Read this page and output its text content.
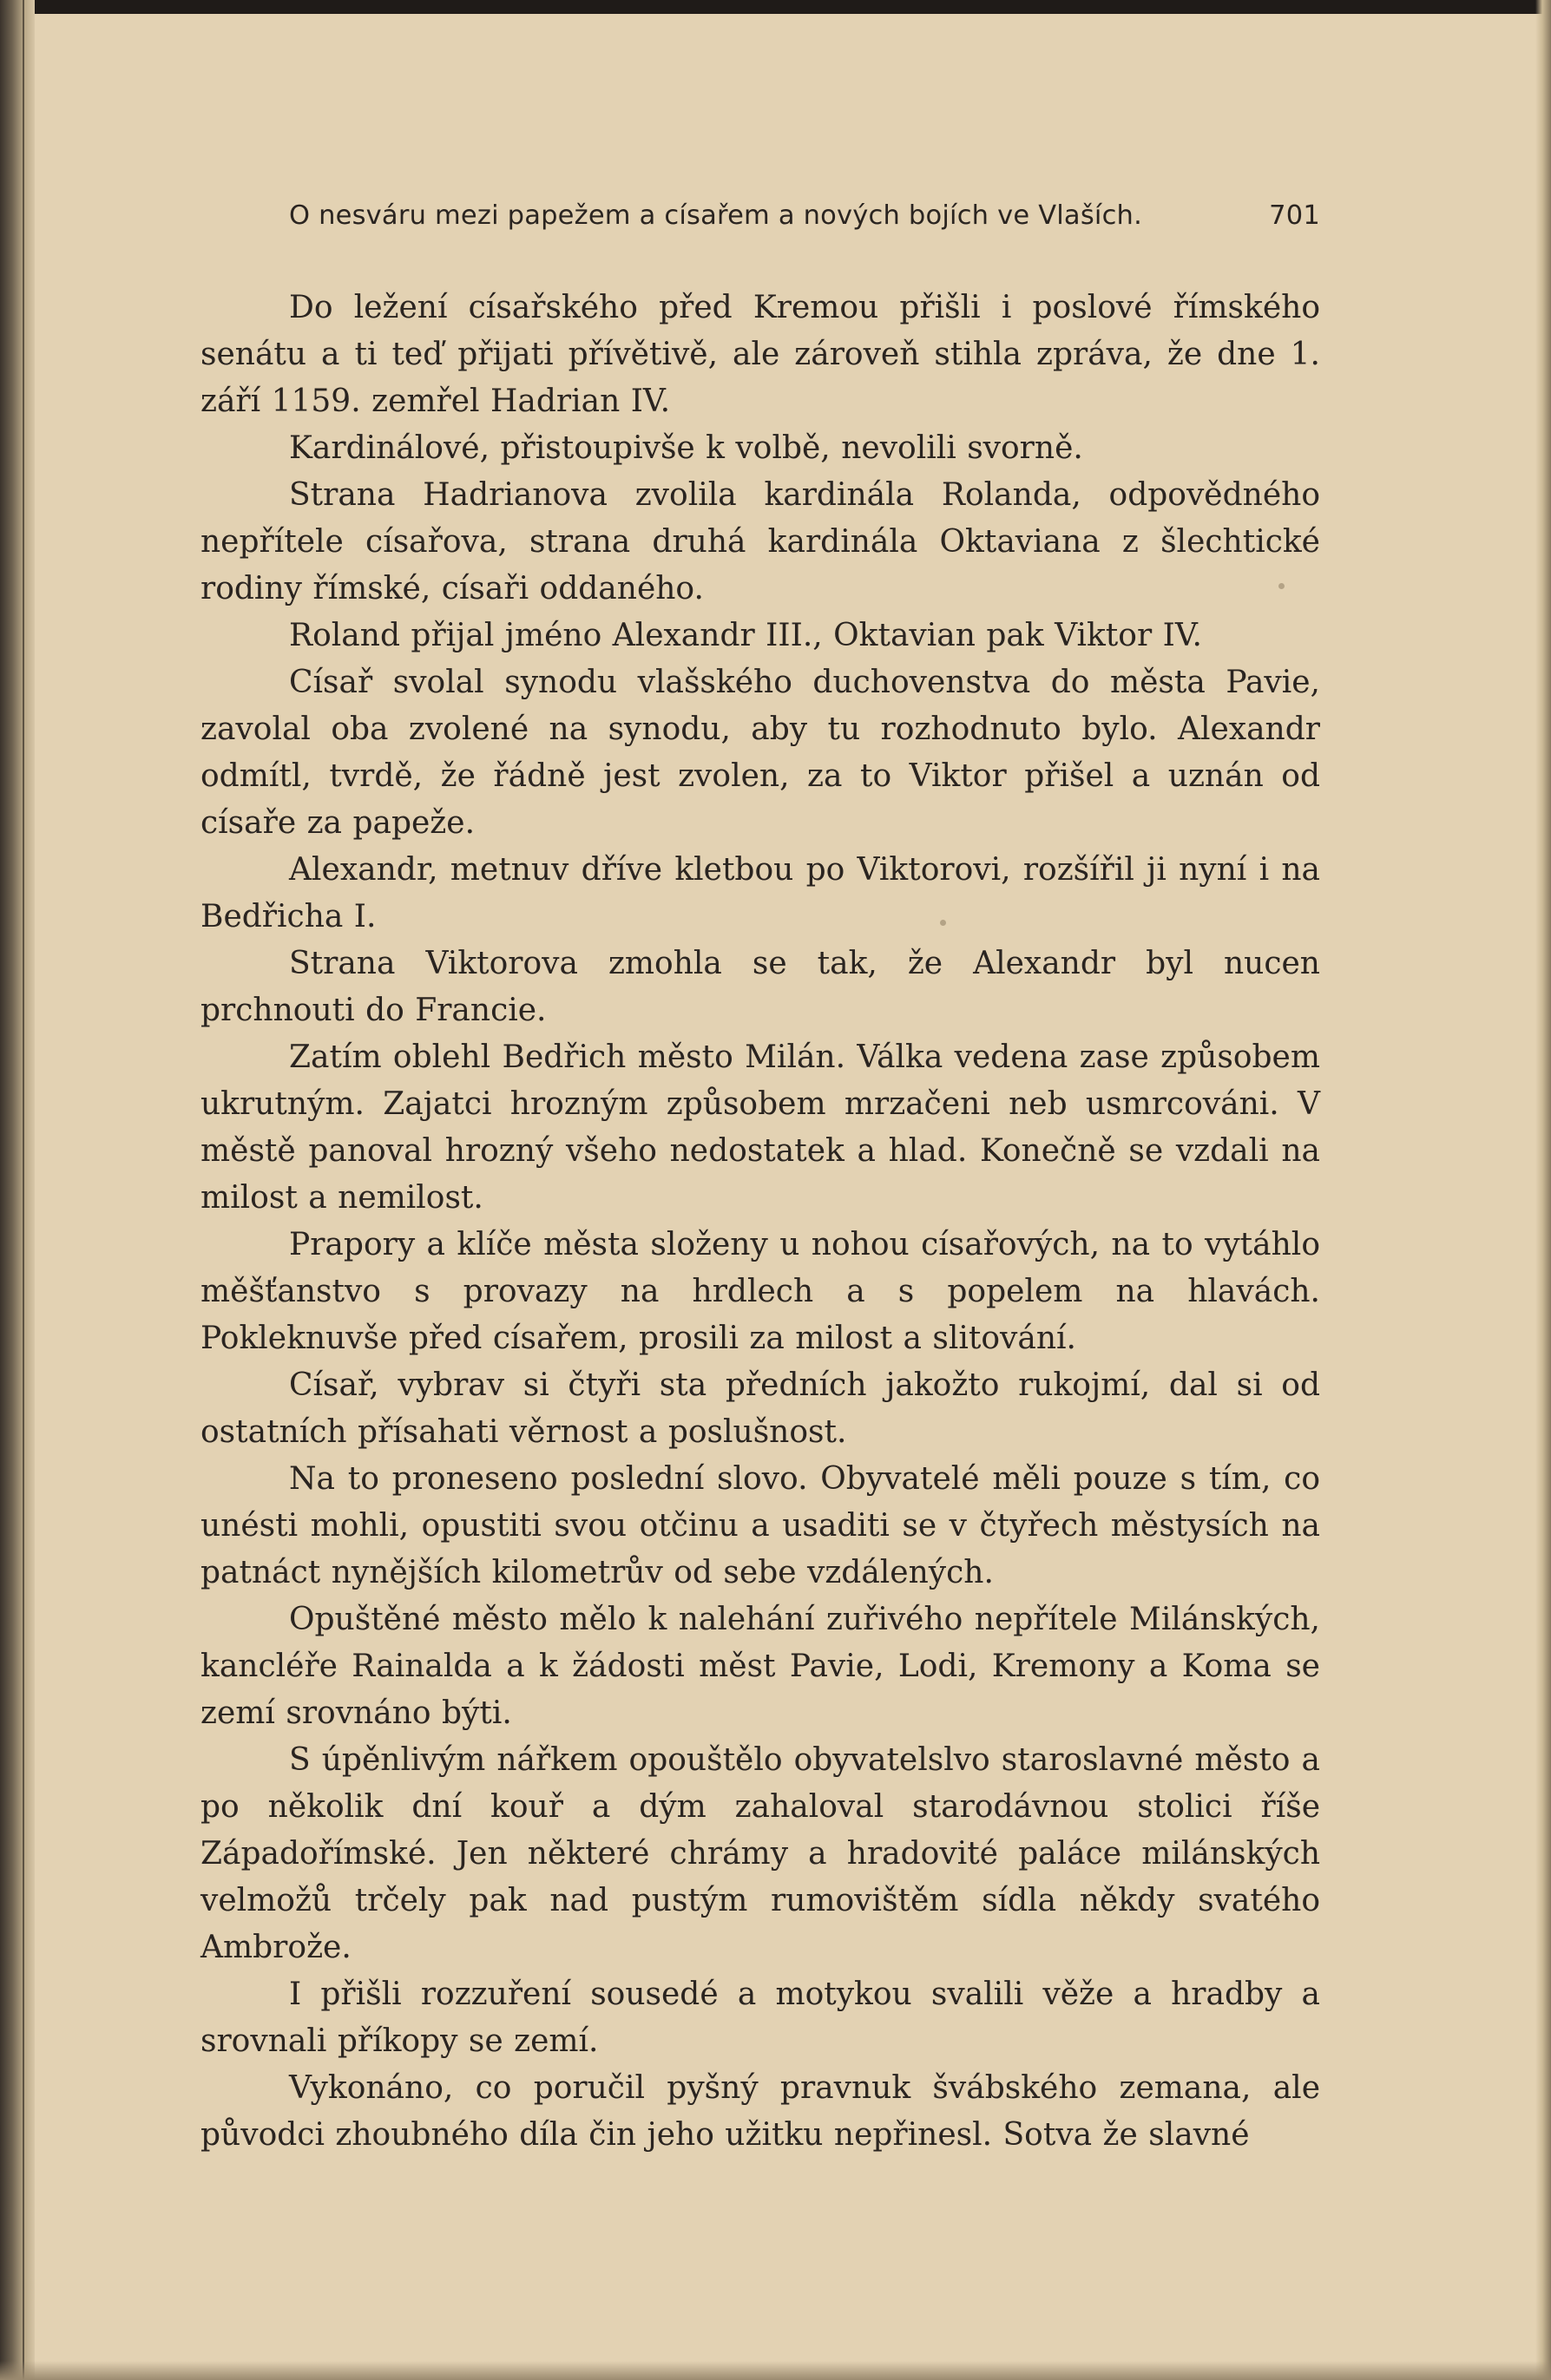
O nesváru mezi papežem a císařem a nových bojích ve Vlaších.	701

Do ležení císařského před Kremou přišli i poslové římského senátu a ti teď přijati přívětivě, ale zároveň stihla zpráva, že dne 1. září 1159. zemřel Hadrian IV.

Kardinálové, přistoupivše k volbě, nevolili svorně.

Strana Hadrianova zvolila kardinála Rolanda, odpovědného nepřítele císařova, strana druhá kardinála Oktaviana z šlechtické rodiny římské, císaři oddaného.

Roland přijal jméno Alexandr III., Oktavian pak Viktor IV.

Císař svolal synodu vlašského duchovenstva do města Pavie, zavolal oba zvolené na synodu, aby tu rozhodnuto bylo. Alexandr odmítl, tvrdě, že řádně jest zvolen, za to Viktor přišel a uznán od císaře za papeže.

Alexandr, metnuv dříve kletbou po Viktorovi, rozšířil ji nyní i na Bedřicha I.

Strana Viktorova zmohla se tak, že Alexandr byl nucen prchnouti do Francie.

Zatím oblehl Bedřich město Milán. Válka vedena zase způsobem ukrutným. Zajatci hrozným způsobem mrzačeni neb usmrcováni. V městě panoval hrozný všeho nedostatek a hlad. Konečně se vzdali na milost a nemilost.

Prapory a klíče města složeny u nohou císařových, na to vytáhlo měšťanstvo s provazy na hrdlech a s popelem na hlavách. Pokleknuvše před císařem, prosili za milost a slitování.

Císař, vybrav si čtyři sta předních jakožto rukojmí, dal si od ostatních přísahati věrnost a poslušnost.

Na to proneseno poslední slovo. Obyvatelé měli pouze s tím, co unésti mohli, opustiti svou otčinu a usaditi se v čtyřech městysích na patnáct nynějších kilometrův od sebe vzdálených.

Opuštěné město mělo k nalehání zuřivého nepřítele Milánských, kancléře Rainalda a k žádosti měst Pavie, Lodi, Kremony a Koma se zemí srovnáno býti.

S úpěnlivým nářkem opouštělo obyvatelslvo staroslavné město a po několik dní kouř a dým zahaloval starodávnou stolici říše Západořímské. Jen některé chrámy a hradovité paláce milánských velmožů trčely pak nad pustým rumovištěm sídla někdy svatého Ambrože.

I přišli rozzuření sousedé a motykou svalili věže a hradby a srovnali příkopy se zemí.

Vykonáno, co poručil pyšný pravnuk švábského zemana, ale původci zhoubného díla čin jeho užitku nepřinesl. Sotva že slavné
